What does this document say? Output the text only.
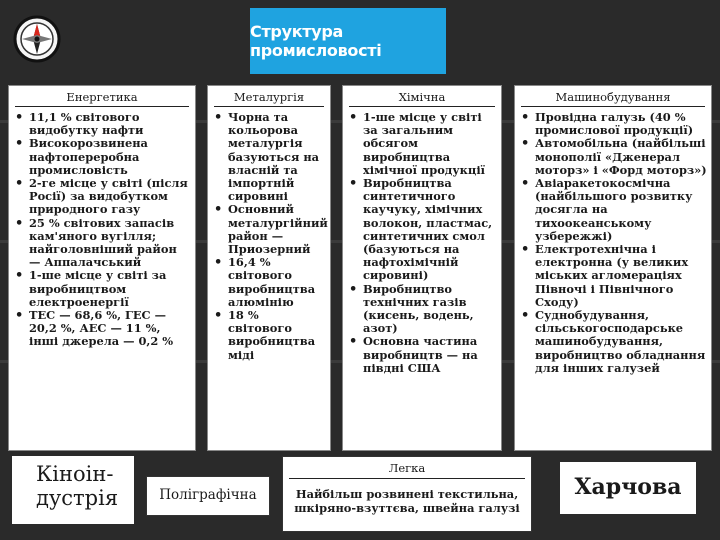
Структура промисловості
Енергетика
• 11,1 % світового видобутку нафти
• Високорозвинена нафтопереробна промисловість
• 2-ге місце у світі (після Росії) за видобутком природного газу
• 25 % світових запасів кам'яного вугілля; найголовніший район — Аппалачський
• 1-ше місце у світі за виробництвом електроенергії
• ТЕС — 68,6 %, ГЕС — 20,2 %, АЕС — 11 %, інші джерела — 0,2 %
Металургія
• Чорна та кольорова металургія базуються на власній та імпортній сировині
• Основний металургійний район — Приозерний
• 16,4 % світового виробництва алюмінію
• 18 % світового виробництва міді
Хімічна
• 1-ше місце у світі за загальним обсягом виробництва хімічної продукції
• Виробництва синтетичного каучуку, хімічних волокон, пластмас, синтетичних смол (базуються на нафтохімічній сировині)
• Виробництво технічних газів (кисень, водень, азот)
• Основна частина виробництв — на півдні США
Машинобудування
• Провідна галузь (40 % промислової продукції)
• Автомобільна (найбільші монополії «Дженерал моторз» і «Форд моторз»)
• Авіаракетокосмічна (найбільшого розвитку досягла на тихоокеанському узбережжі)
• Електротехнічна і електронна (у великих міських агломераціях Півночі і Північного Сходу)
• Суднобудування, сільськогосподарське машинобудування, виробництво обладнання для інших галузей
Кіноін-
дустрія	Поліграфічна
Легка
Найбільш розвинені текстильна, шкіряно-взуттєва, швейна галузі
Харчова
